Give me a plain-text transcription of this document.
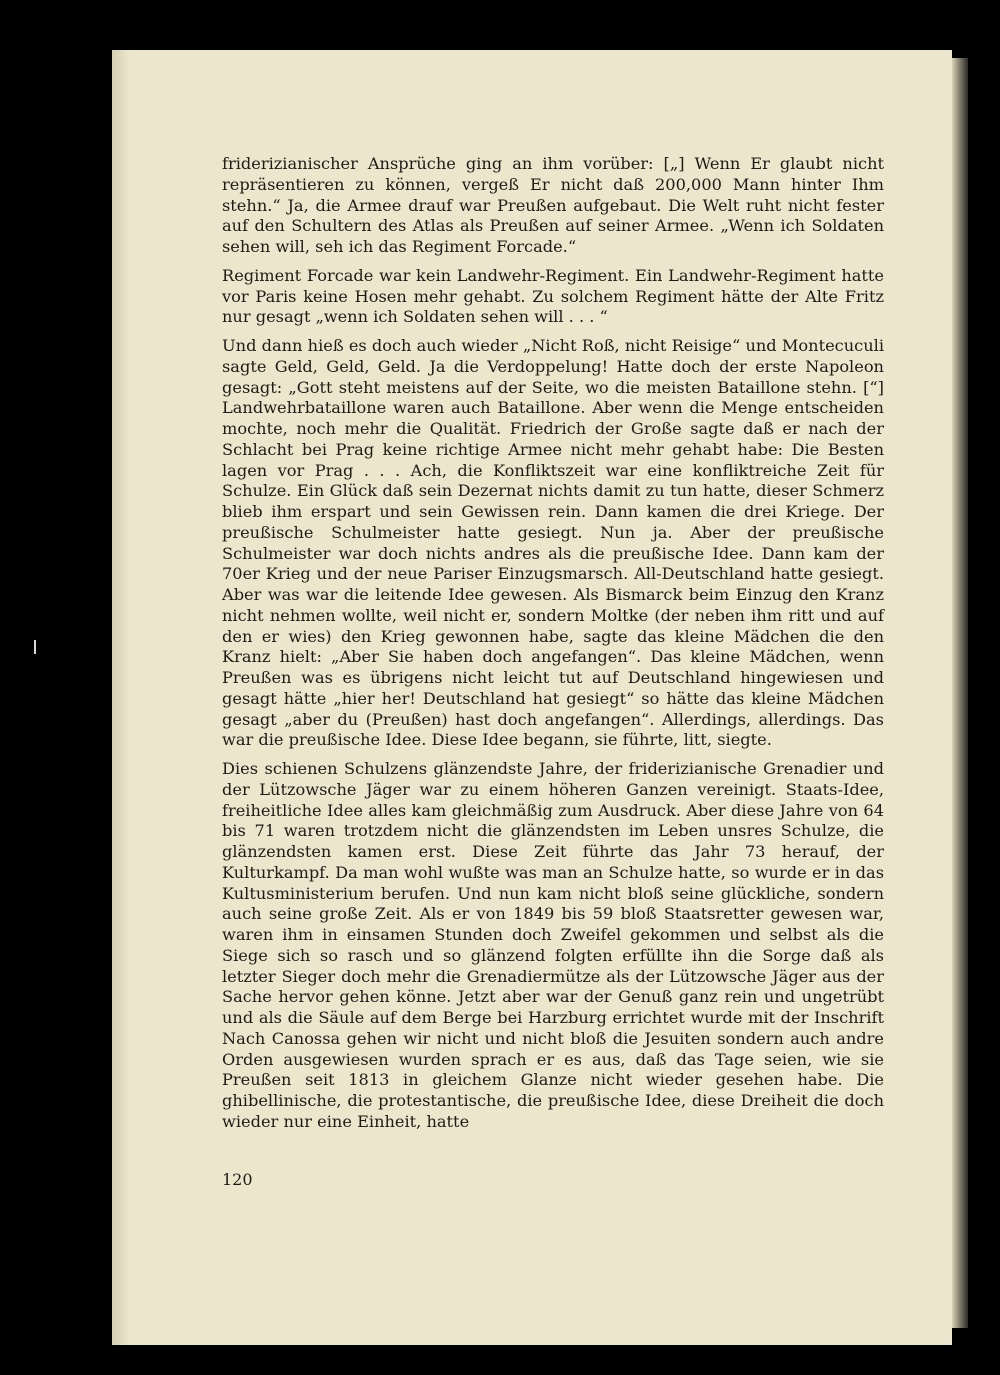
friderizianischer Ansprüche ging an ihm vorüber: [„] Wenn Er glaubt nicht repräsentieren zu können, vergeß Er nicht daß 200,000 Mann hinter Ihm stehn.“ Ja, die Armee drauf war Preußen aufgebaut. Die Welt ruht nicht fester auf den Schultern des Atlas als Preußen auf seiner Armee. „Wenn ich Soldaten sehen will, seh ich das Regiment Forcade.“

Regiment Forcade war kein Landwehr-Regiment. Ein Landwehr-Regiment hatte vor Paris keine Hosen mehr gehabt. Zu solchem Regiment hätte der Alte Fritz nur gesagt „wenn ich Soldaten sehen will . . . “

Und dann hieß es doch auch wieder „Nicht Roß, nicht Reisige“ und Montecuculi sagte Geld, Geld, Geld. Ja die Verdoppelung! Hatte doch der erste Napoleon gesagt: „Gott steht meistens auf der Seite, wo die meisten Bataillone stehn. [“] Landwehrbataillone waren auch Bataillone. Aber wenn die Menge entscheiden mochte, noch mehr die Qualität. Friedrich der Große sagte daß er nach der Schlacht bei Prag keine richtige Armee nicht mehr gehabt habe: Die Besten lagen vor Prag . . . Ach, die Konfliktszeit war eine konfliktreiche Zeit für Schulze. Ein Glück daß sein Dezernat nichts damit zu tun hatte, dieser Schmerz blieb ihm erspart und sein Gewissen rein. Dann kamen die drei Kriege. Der preußische Schulmeister hatte gesiegt. Nun ja. Aber der preußische Schulmeister war doch nichts andres als die preußische Idee. Dann kam der 70er Krieg und der neue Pariser Einzugsmarsch. All-Deutschland hatte gesiegt. Aber was war die leitende Idee gewesen. Als Bismarck beim Einzug den Kranz nicht nehmen wollte, weil nicht er, sondern Moltke (der neben ihm ritt und auf den er wies) den Krieg gewonnen habe, sagte das kleine Mädchen die den Kranz hielt: „Aber Sie haben doch angefangen“. Das kleine Mädchen, wenn Preußen was es übrigens nicht leicht tut auf Deutschland hingewiesen und gesagt hätte „hier her! Deutschland hat gesiegt“ so hätte das kleine Mädchen gesagt „aber du (Preußen) hast doch angefangen“. Allerdings, allerdings. Das war die preußische Idee. Diese Idee begann, sie führte, litt, siegte.

Dies schienen Schulzens glänzendste Jahre, der friderizianische Grenadier und der Lützowsche Jäger war zu einem höheren Ganzen vereinigt. Staats-Idee, freiheitliche Idee alles kam gleichmäßig zum Ausdruck. Aber diese Jahre von 64 bis 71 waren trotzdem nicht die glänzendsten im Leben unsres Schulze, die glänzendsten kamen erst. Diese Zeit führte das Jahr 73 herauf, der Kulturkampf. Da man wohl wußte was man an Schulze hatte, so wurde er in das Kultusministerium berufen. Und nun kam nicht bloß seine glückliche, sondern auch seine große Zeit. Als er von 1849 bis 59 bloß Staatsretter gewesen war, waren ihm in einsamen Stunden doch Zweifel gekommen und selbst als die Siege sich so rasch und so glänzend folgten erfüllte ihn die Sorge daß als letzter Sieger doch mehr die Grenadiermütze als der Lützowsche Jäger aus der Sache hervor gehen könne. Jetzt aber war der Genuß ganz rein und ungetrübt und als die Säule auf dem Berge bei Harzburg errichtet wurde mit der Inschrift Nach Canossa gehen wir nicht und nicht bloß die Jesuiten sondern auch andre Orden ausgewiesen wurden sprach er es aus, daß das Tage seien, wie sie Preußen seit 1813 in gleichem Glanze nicht wieder gesehen habe. Die ghibellinische, die protestantische, die preußische Idee, diese Dreiheit die doch wieder nur eine Einheit, hatte

120
